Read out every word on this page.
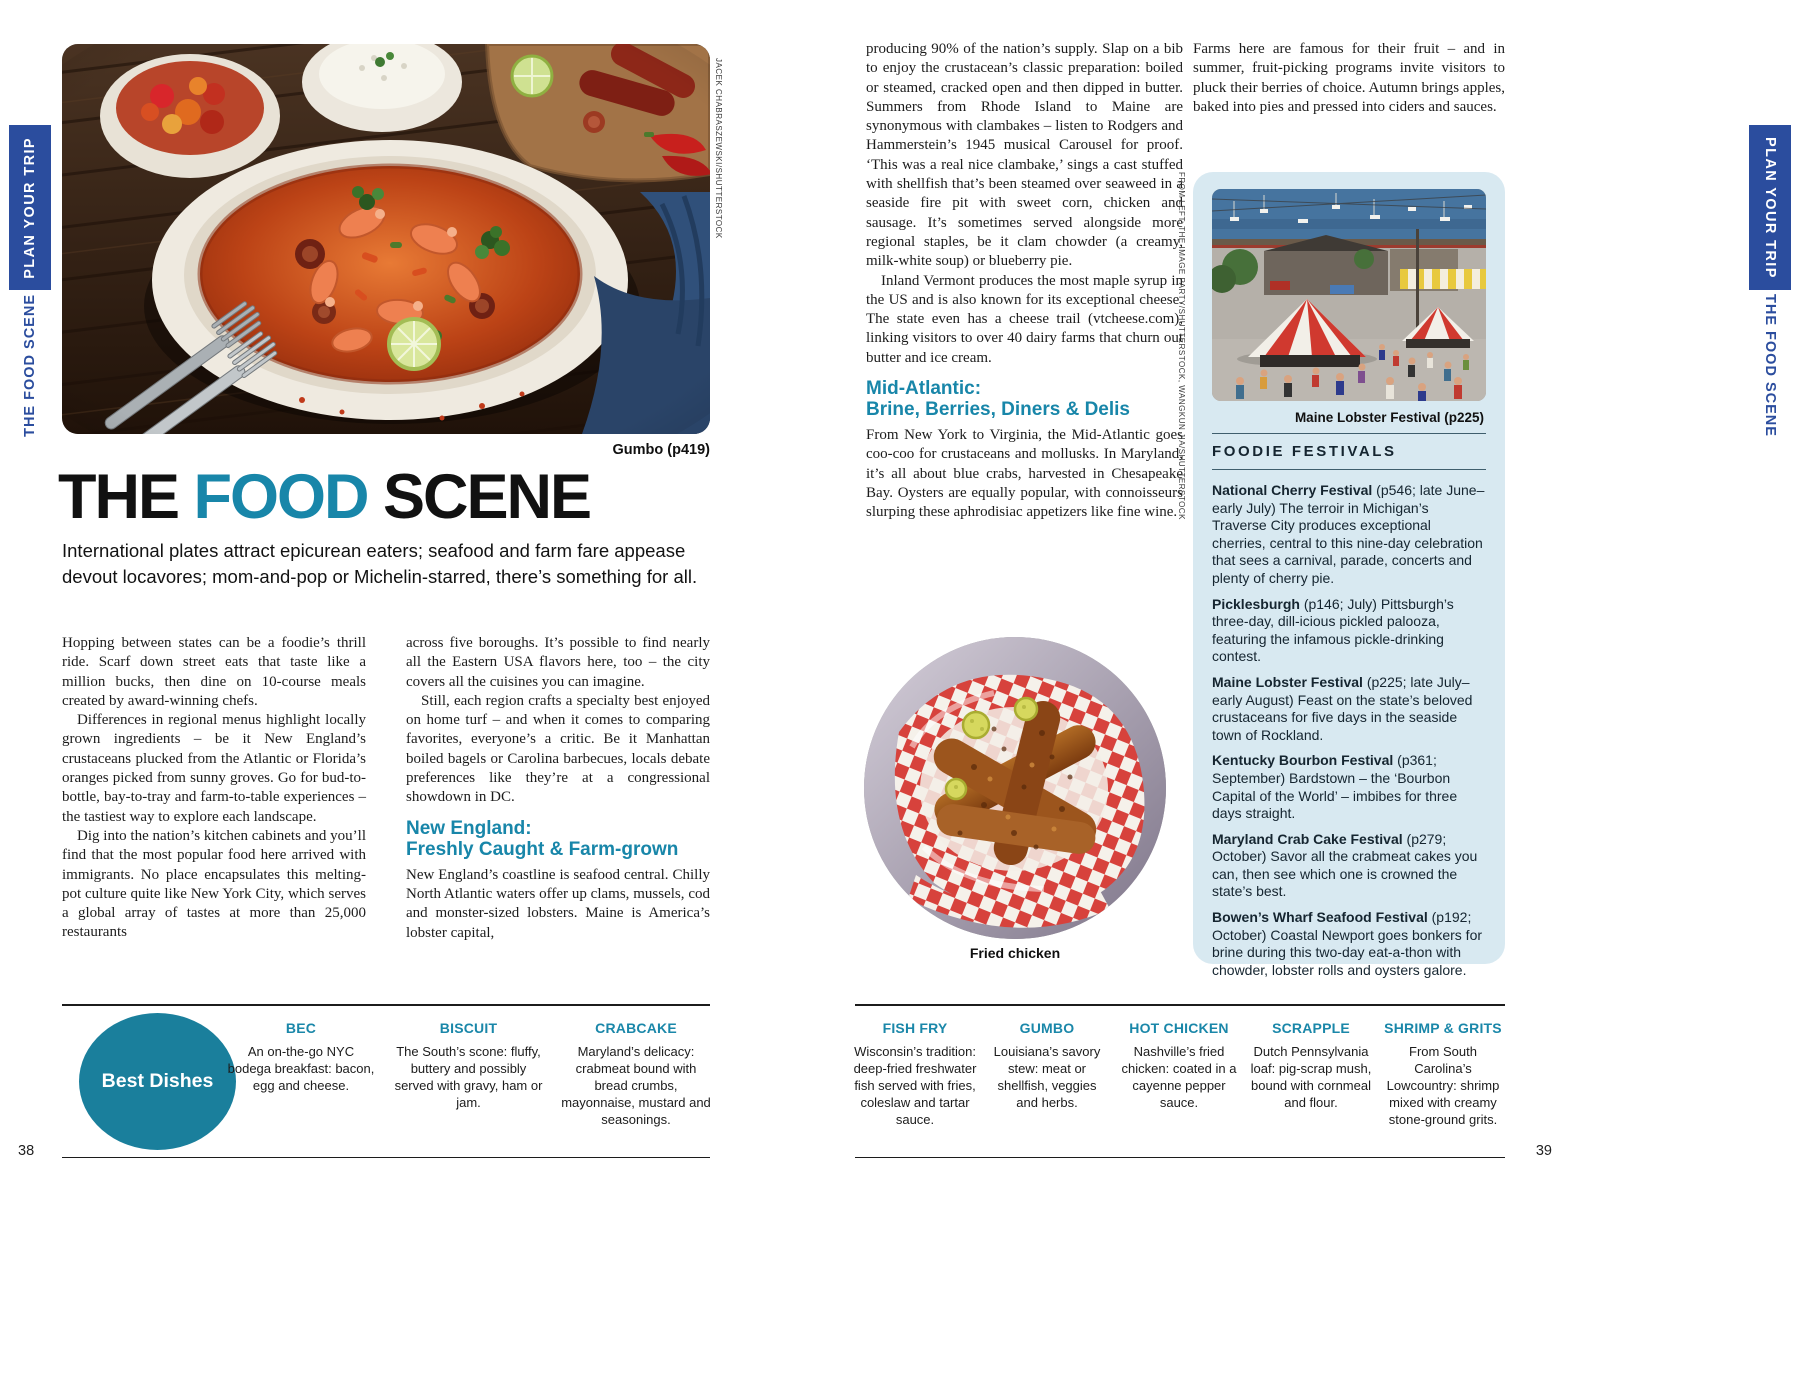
PLAN YOUR TRIP
THE FOOD SCENE
PLAN YOUR TRIP
THE FOOD SCENE
JACEK CHABRASZEWSKI/SHUTTERSTOCK
Gumbo (p419)
THE FOOD SCENE
International plates attract epicurean eaters; seafood and farm fare appease devout locavores; mom-and-pop or Michelin-starred, there’s something for all.

Hopping between states can be a foodie’s thrill ride. Scarf down street eats that taste like a million bucks, then dine on 10-course meals created by award-winning chefs.

Differences in regional menus highlight locally grown ingredients – be it New England’s crustaceans plucked from the Atlantic or Florida’s oranges picked from sunny groves. Go for bud-to-bottle, bay-to-tray and farm-to-table experiences – the tastiest way to explore each landscape.

Dig into the nation’s kitchen cabinets and you’ll find that the most popular food here arrived with immigrants. No place encapsulates this melting-pot culture quite like New York City, which serves a global array of tastes at more than 25,000 restaurants

across five boroughs. It’s possible to find nearly all the Eastern USA flavors here, too – the city covers all the cuisines you can imagine.

Still, each region crafts a specialty best enjoyed on home turf – and when it comes to comparing favorites, everyone’s a critic. Be it Manhattan boiled bagels or Carolina barbecues, locals debate preferences like they’re at a congressional showdown in DC.

New England:
Freshly Caught & Farm-grown

New England’s coastline is seafood central. Chilly North Atlantic waters offer up clams, mussels, cod and monster-sized lobsters. Maine is America’s lobster capital,

producing 90% of the nation’s supply. Slap on a bib to enjoy the crustacean’s classic preparation: boiled or steamed, cracked open and then dipped in butter. Summers from Rhode Island to Maine are synonymous with clambakes – listen to Rodgers and Hammerstein’s 1945 musical Carousel for proof. ‘This was a real nice clambake,’ sings a cast stuffed with shellfish that’s been steamed over seaweed in a seaside fire pit with sweet corn, chicken and sausage. It’s sometimes served alongside more regional staples, be it clam chowder (a creamy, milk-white soup) or blueberry pie.

Inland Vermont produces the most maple syrup in the US and is also known for its exceptional cheese. The state even has a cheese trail (vtcheese.com), linking visitors to over 40 dairy farms that churn out butter and ice cream.

Mid-Atlantic:
Brine, Berries, Diners & Delis

From New York to Virginia, the Mid-Atlantic goes coo-coo for crustaceans and mollusks. In Maryland, it’s all about blue crabs, harvested in Chesapeake Bay. Oysters are equally popular, with connoisseurs slurping these aphrodisiac appetizers like fine wine.

Fried chicken

Farms here are famous for their fruit – and in summer, fruit-picking programs invite visitors to pluck their berries of choice. Autumn brings apples, baked into pies and pressed into ciders and sauces.

FROM LEFT: THE IMAGE PARTY/SHUTTERSTOCK, WANGKUN JIA/SHUTTERSTOCK	Maine Lobster Festival (p225)
FOODIE FESTIVALS

National Cherry Festival (p546; late June–early July) The terroir in Michigan’s Traverse City produces exceptional cherries, central to this nine-day celebration that sees a carnival, parade, concerts and plenty of cherry pie.

Picklesburgh (p146; July) Pittsburgh’s three-day, dill-icious pickled palooza, featuring the infamous pickle-drinking contest.

Maine Lobster Festival (p225; late July–early August) Feast on the state’s beloved crustaceans for five days in the seaside town of Rockland.

Kentucky Bourbon Festival (p361; September) Bardstown – the ‘Bourbon Capital of the World’ – imbibes for three days straight.

Maryland Crab Cake Festival (p279; October) Savor all the crabmeat cakes you can, then see which one is crowned the state’s best.

Bowen’s Wharf Seafood Festival (p192; October) Coastal Newport goes bonkers for brine during this two-day eat-a-thon with chowder, lobster rolls and oysters galore.

Best Dishes
BEC

An on-the-go NYC bodega breakfast: bacon, egg and cheese.

BISCUIT

The South’s scone: fluffy, buttery and possibly served with gravy, ham or jam.

CRABCAKE

Maryland’s delicacy: crabmeat bound with bread crumbs, mayonnaise, mustard and seasonings.

FISH FRY

Wisconsin’s tradition: deep-fried freshwater fish served with fries, coleslaw and tartar sauce.

GUMBO

Louisiana’s savory stew: meat or shellfish, veggies and herbs.

HOT CHICKEN

Nashville’s fried chicken: coated in a cayenne pepper sauce.

SCRAPPLE

Dutch Pennsylvania loaf: pig-scrap mush, bound with cornmeal and flour.

SHRIMP & GRITS

From South Carolina’s Lowcountry: shrimp mixed with creamy stone-ground grits.

38	39
